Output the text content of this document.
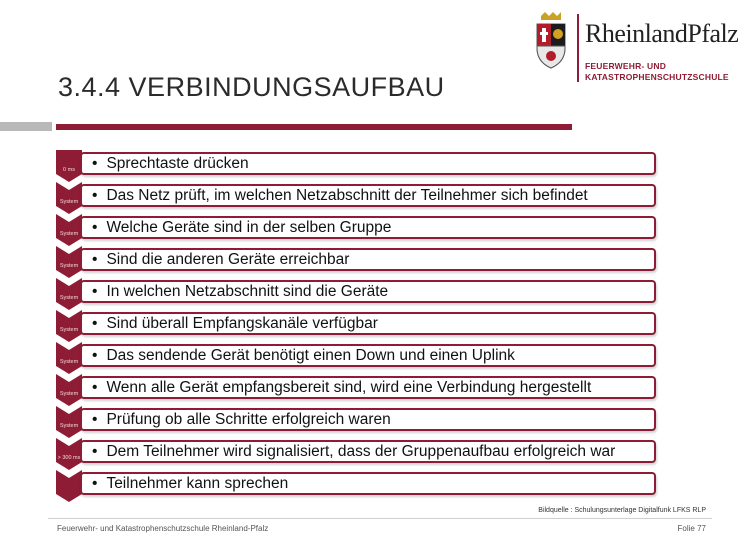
3.4.4 VERBINDUNGSAUFBAU
RheinlandPfalz
FEUERWEHR- UND
KATASTROPHENSCHUTZSCHULE
0 ms	• Sprechtaste drücken
System • Das Netz prüft, im welchen Netzabschnitt der Teilnehmer sich befindet
System • Welche Geräte sind in der selben Gruppe
System • Sind die anderen Geräte erreichbar
System • In welchen Netzabschnitt sind die Geräte
System • Sind überall Empfangskanäle verfügbar
System • Das sendende Gerät benötigt einen Down und einen Uplink
System • Wenn alle Gerät empfangsbereit sind, wird eine Verbindung hergestellt
System • Prüfung ob alle Schritte erfolgreich waren
> 300 ms • Dem Teilnehmer wird signalisiert, dass der Gruppenaufbau erfolgreich war
• Teilnehmer kann sprechen
Bildquelle : Schulungsunterlage Digitalfunk LFKS RLP
Feuerwehr- und Katastrophenschutzschule Rheinland-Pfalz	Folie 77
